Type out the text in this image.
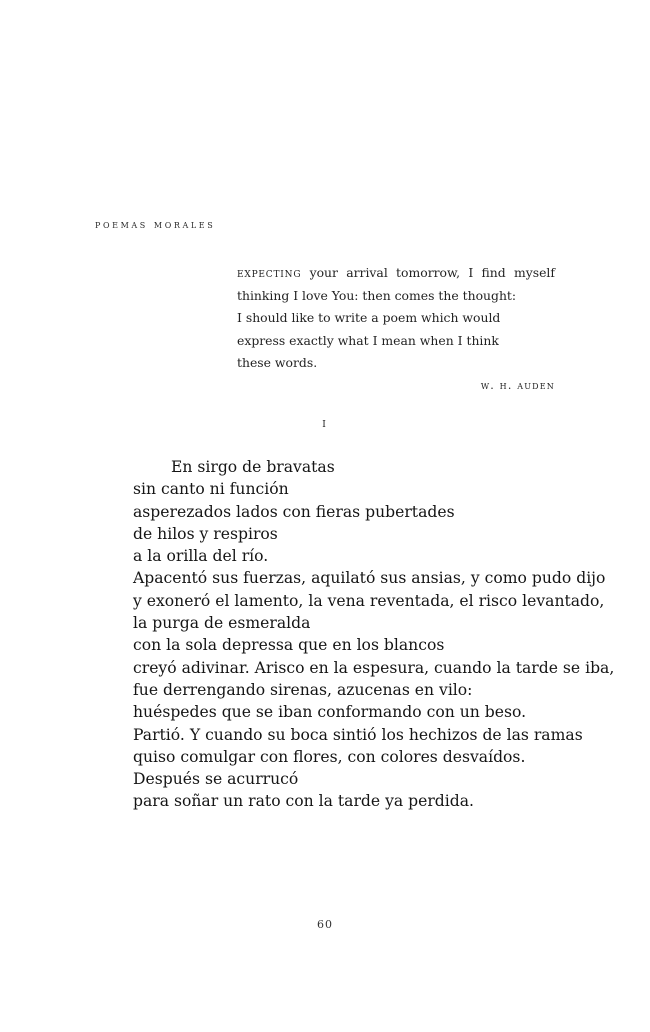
poemas morales
expecting your arrival tomorrow, I find myself
thinking I love You: then comes the thought:
I should like to write a poem which would
express exactly what I mean when I think
these words.
w. h. auden
i
En sirgo de bravatas
sin canto ni función
asperezados lados con fieras pubertades
de hilos y respiros
a la orilla del río.
Apacentó sus fuerzas, aquilató sus ansias, y como pudo dijo
y exoneró el lamento, la vena reventada, el risco levantado,
la purga de esmeralda
con la sola depressa que en los blancos
creyó adivinar. Arisco en la espesura, cuando la tarde se iba,
fue derrengando sirenas, azucenas en vilo:
huéspedes que se iban conformando con un beso.
Partió. Y cuando su boca sintió los hechizos de las ramas
quiso comulgar con flores, con colores desvaídos.
Después se acurrucó
para soñar un rato con la tarde ya perdida.
60
